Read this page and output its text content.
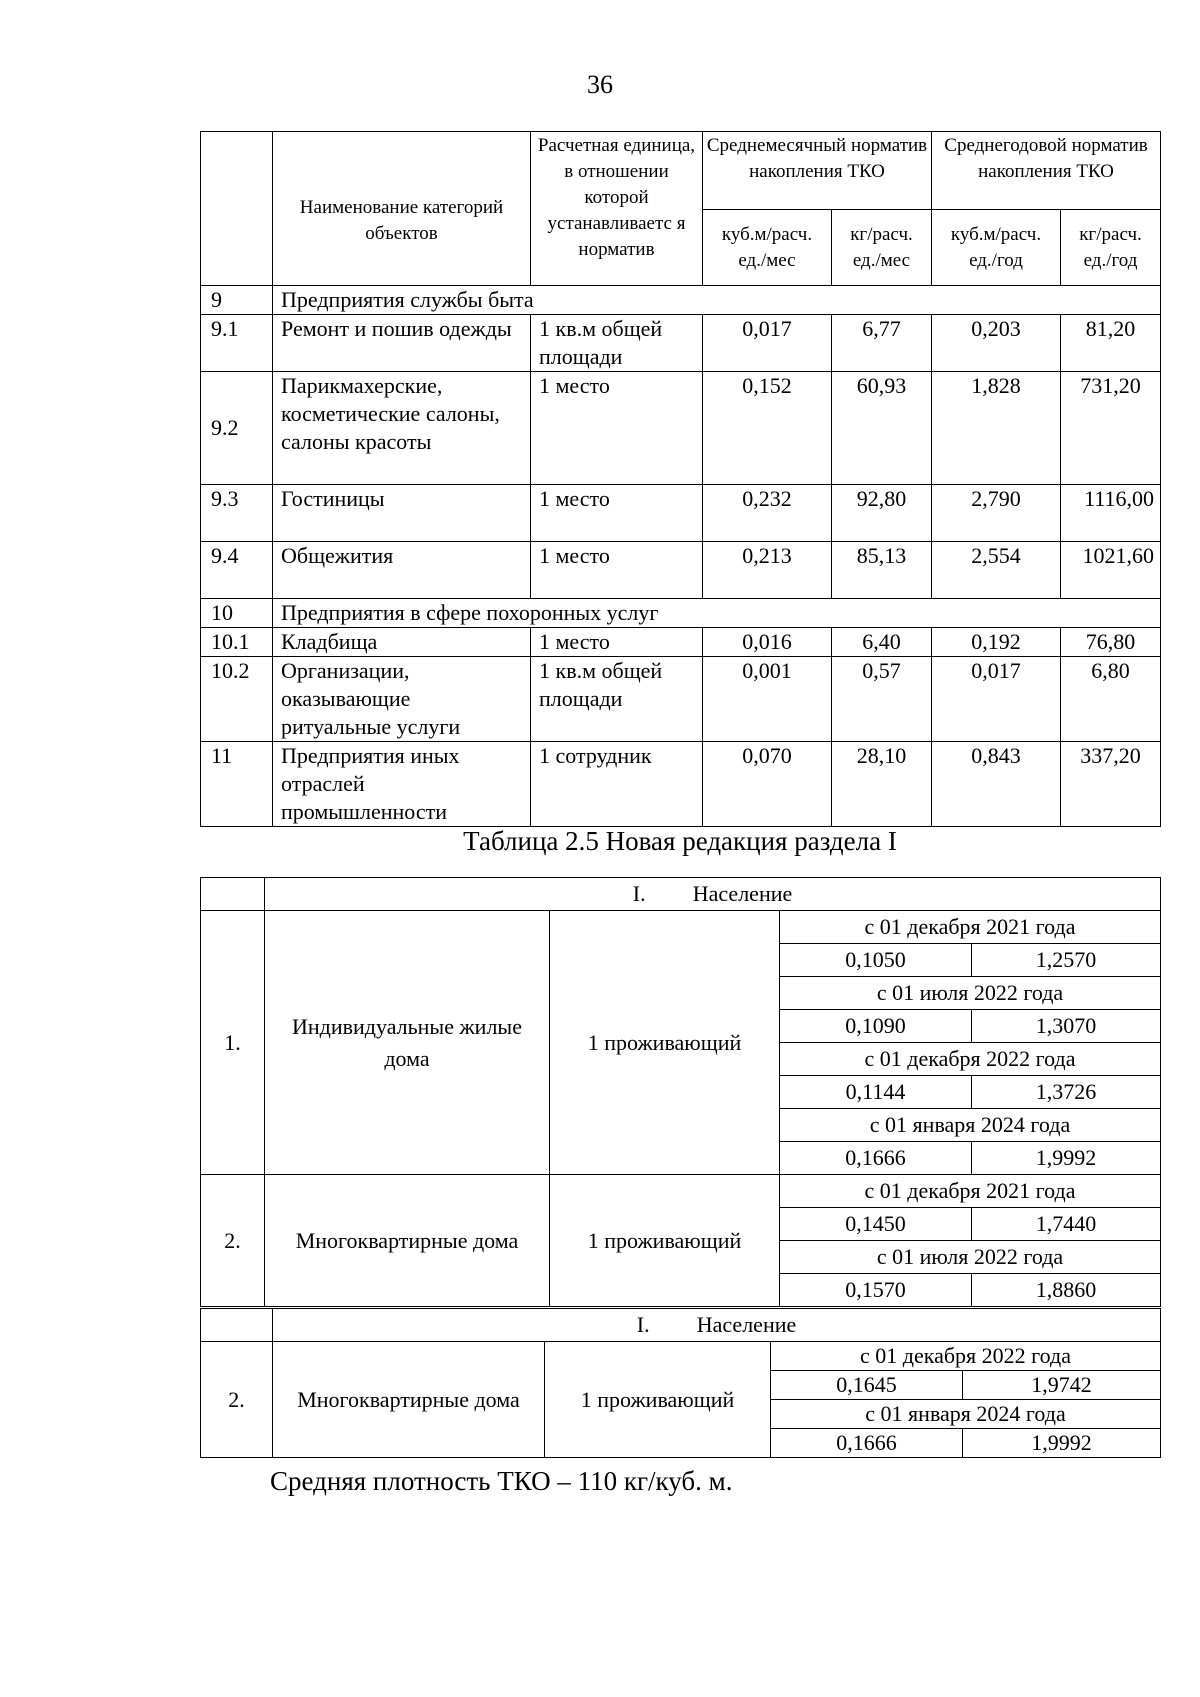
36
	Наименование категорий объектов	Расчетная единица, в отношении которой устанавливаетс я норматив	Среднемесячный норматив накопления ТКО		Среднегодовой норматив накопления ТКО	
			куб.м/расч. ед./мес	кг/расч. ед./мес	куб.м/расч. ед./год	кг/расч. ед./год
9	Предприятия службы быта					
9.1	Ремонт и пошив одежды	1 кв.м общей площади	0,017	6,77	0,203	81,20
9.2	Парикмахерские, косметические салоны, салоны красоты	1 место	0,152	60,93	1,828	731,20
9.3	Гостиницы	1 место	0,232	92,80	2,790	1116,00
9.4	Общежития	1 место	0,213	85,13	2,554	1021,60
10	Предприятия в сфере похоронных услуг					
10.1	Кладбища	1 место	0,016	6,40	0,192	76,80
10.2	Организации, оказывающие ритуальные услуги	1 кв.м общей площади	0,001	0,57	0,017	6,80
11	Предприятия иных отраслей промышленности	1 сотрудник	0,070	28,10	0,843	337,20
Таблица 2.5 Новая редакция раздела I
	I. Население			
1.	Индивидуальные жилые дома	1 проживающий	с 01 декабря 2021 года	
			0,1050	1,2570
			с 01 июля 2022 года	
			0,1090	1,3070
			с 01 декабря 2022 года	
			0,1144	1,3726
			с 01 января 2024 года	
			0,1666	1,9992
2.	Многоквартирные дома	1 проживающий	с 01 декабря 2021 года	
			0,1450	1,7440
			с 01 июля 2022 года	
			0,1570	1,8860
	I. Население			
2.	Многоквартирные дома	1 проживающий	с 01 декабря 2022 года	
			0,1645	1,9742
			с 01 января 2024 года	
			0,1666	1,9992
Средняя плотность ТКО – 110 кг/куб. м.
